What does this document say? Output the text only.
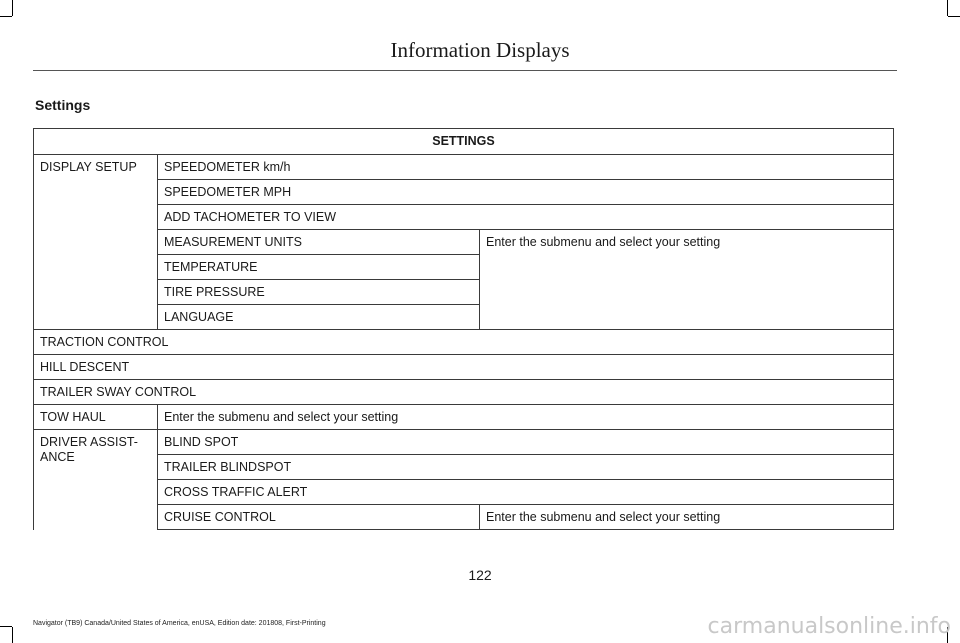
Information Displays
Settings
SETTINGS		
DISPLAY SETUP	SPEEDOMETER km/h	
	SPEEDOMETER MPH	
	ADD TACHOMETER TO VIEW	
	MEASUREMENT UNITS	Enter the submenu and select your setting
	TEMPERATURE	
	TIRE PRESSURE	
	LANGUAGE	
TRACTION CONTROL		
HILL DESCENT		
TRAILER SWAY CONTROL		
TOW HAUL	Enter the submenu and select your setting	
DRIVER ASSIST-
ANCE	BLIND SPOT	
	TRAILER BLINDSPOT	
	CROSS TRAFFIC ALERT	
	CRUISE CONTROL	Enter the submenu and select your setting
122
Navigator (TB9) Canada/United States of America, enUSA, Edition date: 201808, First-Printing	carmanualsonline.info
